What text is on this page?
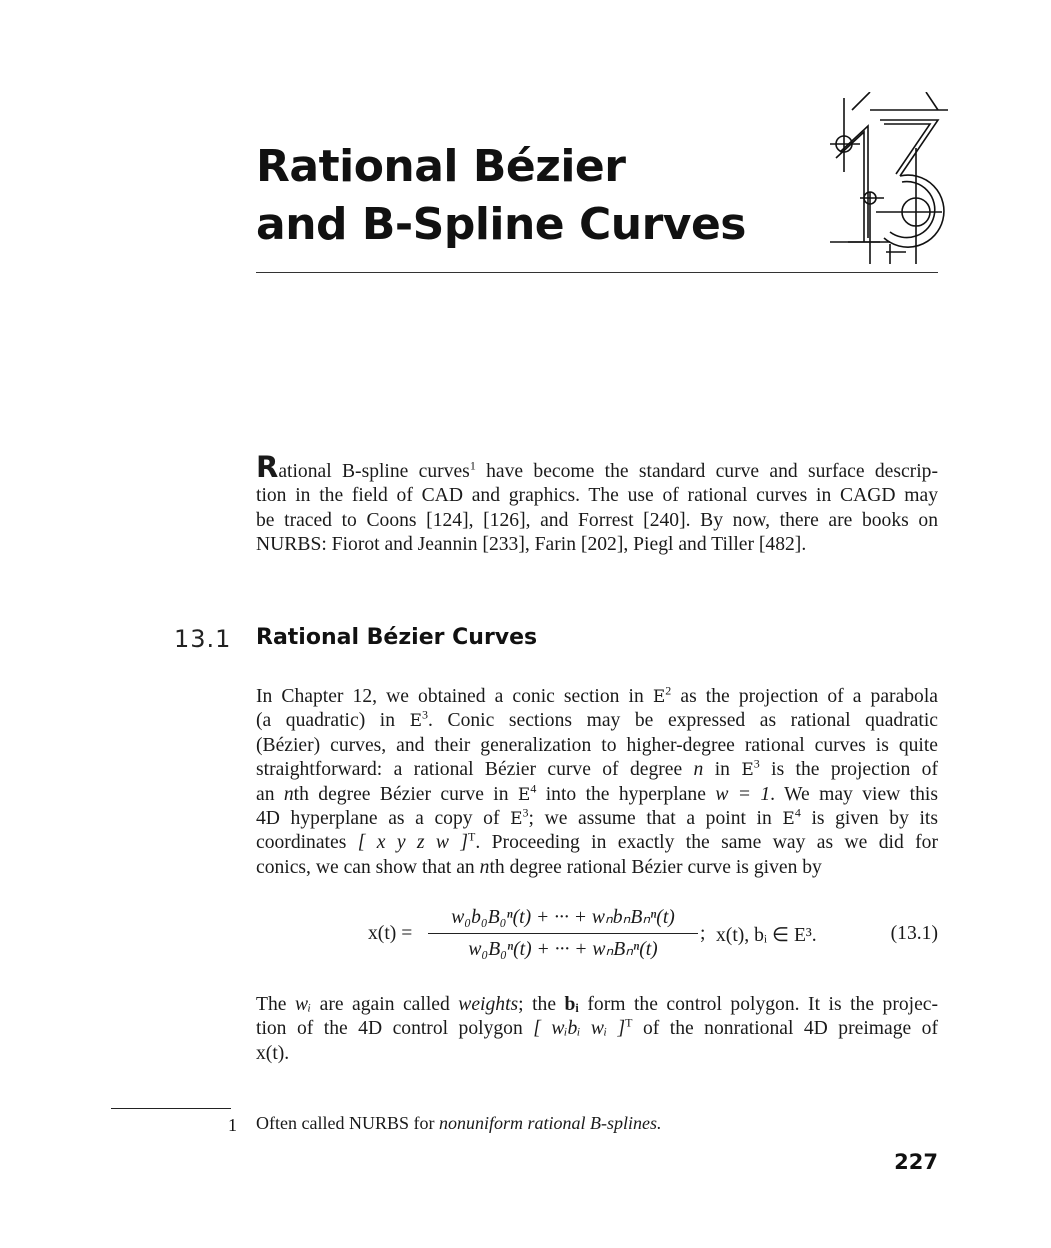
Rational Bézier
and B-Spline Curves
Rational B-spline curves$^1$ have become the standard curve and surface descrip-
tion in the field of CAD and graphics. The use of rational curves in CAGD may
be traced to Coons [124], [126], and Forrest [240]. By now, there are books on
NURBS: Fiorot and Jeannin [233], Farin [202], Piegl and Tiller [482].
13.1 Rational Bézier Curves
In Chapter 12, we obtained a conic section in $E^2$ as the projection of a parabola
(a quadratic) in $E^3$. Conic sections may be expressed as rational quadratic
(Bézier) curves, and their generalization to higher-degree rational curves is quite
straightforward: a rational Bézier curve of degree n in $E^3$ is the projection of
an nth degree Bézier curve in $E^4$ into the hyperplane w = 1. We may view this
4D hyperplane as a copy of $E^3$; we assume that a point in $E^4$ is given by its
coordinates [ x y z w ]$^T$. Proceeding in exactly the same way as we did for
conics, we can show that an nth degree rational Bézier curve is given by
x(t) =
w₀b₀B₀ⁿ(t) + ··· + wₙbₙBₙⁿ(t)
w₀B₀ⁿ(t) + ··· + wₙBₙⁿ(t)
; x(t), bᵢ ∈ E³.	(13.1)
The wᵢ are again called weights; the bᵢ form the control polygon. It is the projec-
tion of the 4D control polygon [ wᵢbᵢ wᵢ ]$^T$ of the nonrational 4D preimage of
x(t).
1 Often called NURBS for nonuniform rational B-splines.
227
